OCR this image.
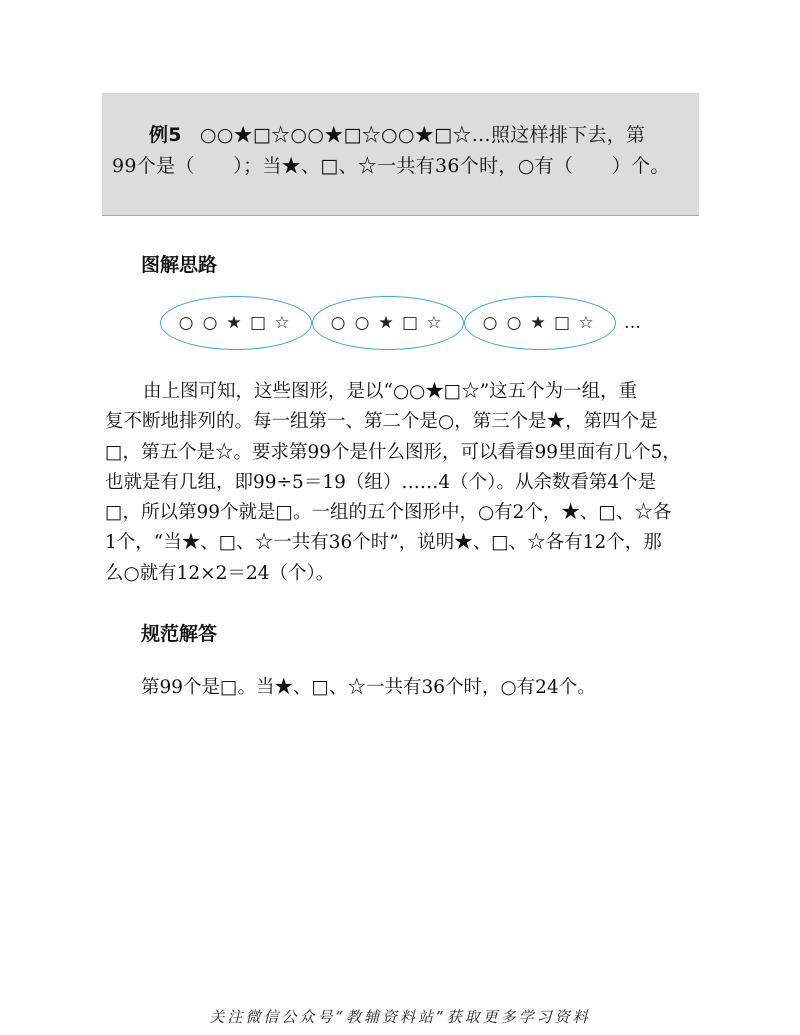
例5 ○○★□☆○○★□☆○○★□☆…照这样排下去，第
99个是（　　）；当★、□、☆一共有36个时，○有（　　）个。
图解思路
○ ○ ★ □ ☆ ○ ○ ★ □ ☆ ○ ○ ★ □ ☆ …
由上图可知，这些图形，是以“○○★□☆”这五个为一组，重
复不断地排列的。每一组第一、第二个是○，第三个是★，第四个是
□，第五个是☆。要求第99个是什么图形，可以看看99里面有几个5，
也就是有几组，即99÷5＝19（组）……4（个）。从余数看第4个是
□，所以第99个就是□。一组的五个图形中，○有2个，★、□、☆各
1个，“当★、□、☆一共有36个时”，说明★、□、☆各有12个，那
么○就有12×2＝24（个）。
规范解答
第99个是□。当★、□、☆一共有36个时，○有24个。
关注微信公众号“教辅资料站”获取更多学习资料
